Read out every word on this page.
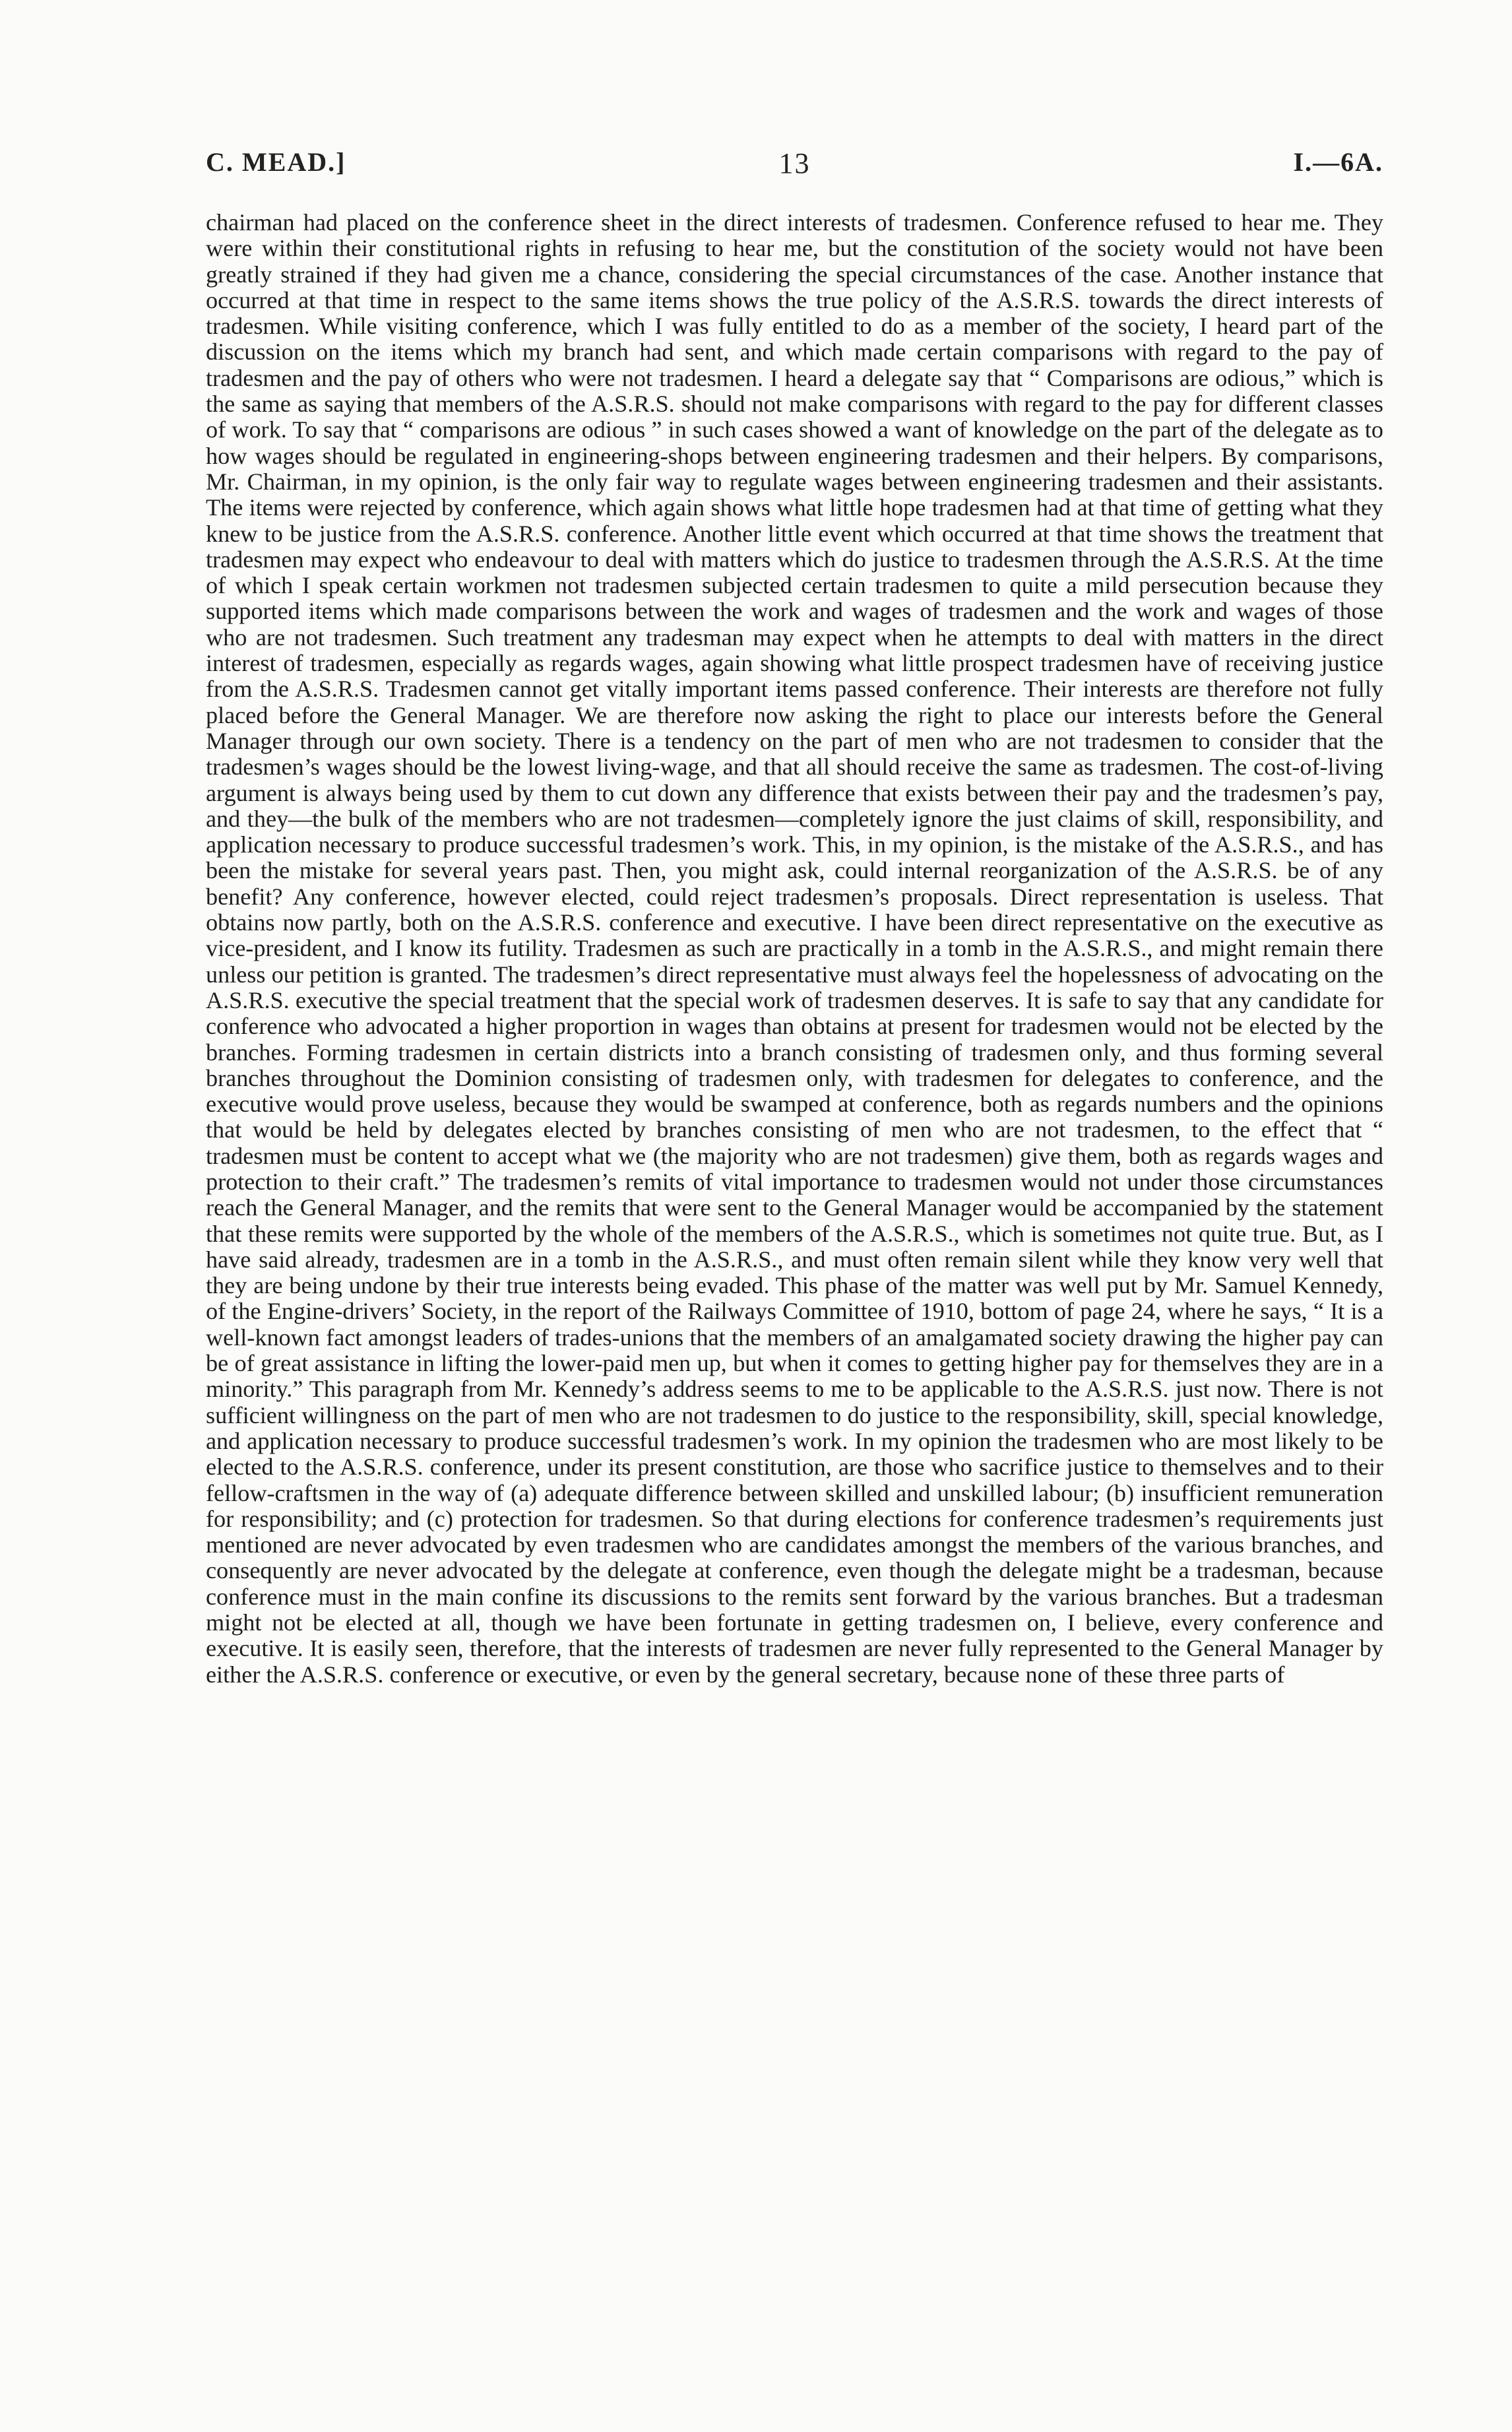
C. MEAD.]	13	I.—6A.

chairman had placed on the conference sheet in the direct interests of tradesmen. Conference refused to hear me. They were within their constitutional rights in refusing to hear me, but the constitution of the society would not have been greatly strained if they had given me a chance, considering the special circumstances of the case. Another instance that occurred at that time in respect to the same items shows the true policy of the A.S.R.S. towards the direct interests of tradesmen. While visiting conference, which I was fully entitled to do as a member of the society, I heard part of the discussion on the items which my branch had sent, and which made certain comparisons with regard to the pay of tradesmen and the pay of others who were not tradesmen. I heard a delegate say that “ Comparisons are odious,” which is the same as saying that members of the A.S.R.S. should not make comparisons with regard to the pay for different classes of work. To say that “ comparisons are odious ” in such cases showed a want of knowledge on the part of the delegate as to how wages should be regulated in engineering-shops between engineering tradesmen and their helpers. By comparisons, Mr. Chairman, in my opinion, is the only fair way to regulate wages between engineering tradesmen and their assistants. The items were rejected by conference, which again shows what little hope tradesmen had at that time of getting what they knew to be justice from the A.S.R.S. conference. Another little event which occurred at that time shows the treatment that tradesmen may expect who endeavour to deal with matters which do justice to tradesmen through the A.S.R.S. At the time of which I speak certain workmen not tradesmen subjected certain tradesmen to quite a mild persecution because they supported items which made comparisons between the work and wages of tradesmen and the work and wages of those who are not tradesmen. Such treatment any tradesman may expect when he attempts to deal with matters in the direct interest of tradesmen, especially as regards wages, again showing what little prospect tradesmen have of receiving justice from the A.S.R.S. Tradesmen cannot get vitally important items passed conference. Their interests are therefore not fully placed before the General Manager. We are therefore now asking the right to place our interests before the General Manager through our own society. There is a tendency on the part of men who are not tradesmen to consider that the tradesmen’s wages should be the lowest living-wage, and that all should receive the same as tradesmen. The cost-of-living argument is always being used by them to cut down any difference that exists between their pay and the tradesmen’s pay, and they—the bulk of the members who are not tradesmen—completely ignore the just claims of skill, responsibility, and application necessary to produce successful tradesmen’s work. This, in my opinion, is the mistake of the A.S.R.S., and has been the mistake for several years past. Then, you might ask, could internal reorganization of the A.S.R.S. be of any benefit? Any conference, however elected, could reject tradesmen’s proposals. Direct representation is useless. That obtains now partly, both on the A.S.R.S. conference and executive. I have been direct representative on the executive as vice-president, and I know its futility. Tradesmen as such are practically in a tomb in the A.S.R.S., and might remain there unless our petition is granted. The tradesmen’s direct representative must always feel the hopelessness of advocating on the A.S.R.S. executive the special treatment that the special work of tradesmen deserves. It is safe to say that any candidate for conference who advocated a higher proportion in wages than obtains at present for tradesmen would not be elected by the branches. Forming tradesmen in certain districts into a branch consisting of tradesmen only, and thus forming several branches throughout the Dominion consisting of tradesmen only, with tradesmen for delegates to conference, and the executive would prove useless, because they would be swamped at conference, both as regards numbers and the opinions that would be held by delegates elected by branches consisting of men who are not tradesmen, to the effect that “ tradesmen must be content to accept what we (the majority who are not tradesmen) give them, both as regards wages and protection to their craft.” The tradesmen’s remits of vital importance to tradesmen would not under those circumstances reach the General Manager, and the remits that were sent to the General Manager would be accompanied by the statement that these remits were supported by the whole of the members of the A.S.R.S., which is sometimes not quite true. But, as I have said already, tradesmen are in a tomb in the A.S.R.S., and must often remain silent while they know very well that they are being undone by their true interests being evaded. This phase of the matter was well put by Mr. Samuel Kennedy, of the Engine-drivers’ Society, in the report of the Railways Committee of 1910, bottom of page 24, where he says, “ It is a well-known fact amongst leaders of trades-unions that the members of an amalgamated society drawing the higher pay can be of great assistance in lifting the lower-paid men up, but when it comes to getting higher pay for themselves they are in a minority.” This paragraph from Mr. Kennedy’s address seems to me to be applicable to the A.S.R.S. just now. There is not sufficient willingness on the part of men who are not tradesmen to do justice to the responsibility, skill, special knowledge, and application necessary to produce successful tradesmen’s work. In my opinion the tradesmen who are most likely to be elected to the A.S.R.S. conference, under its present constitution, are those who sacrifice justice to themselves and to their fellow-craftsmen in the way of (a) adequate difference between skilled and unskilled labour; (b) insufficient remuneration for responsibility; and (c) protection for tradesmen. So that during elections for conference tradesmen’s requirements just mentioned are never advocated by even tradesmen who are candidates amongst the members of the various branches, and consequently are never advocated by the delegate at conference, even though the delegate might be a tradesman, because conference must in the main confine its discussions to the remits sent forward by the various branches. But a tradesman might not be elected at all, though we have been fortunate in getting tradesmen on, I believe, every conference and executive. It is easily seen, therefore, that the interests of tradesmen are never fully represented to the General Manager by either the A.S.R.S. conference or executive, or even by the general secretary, because none of these three parts of
